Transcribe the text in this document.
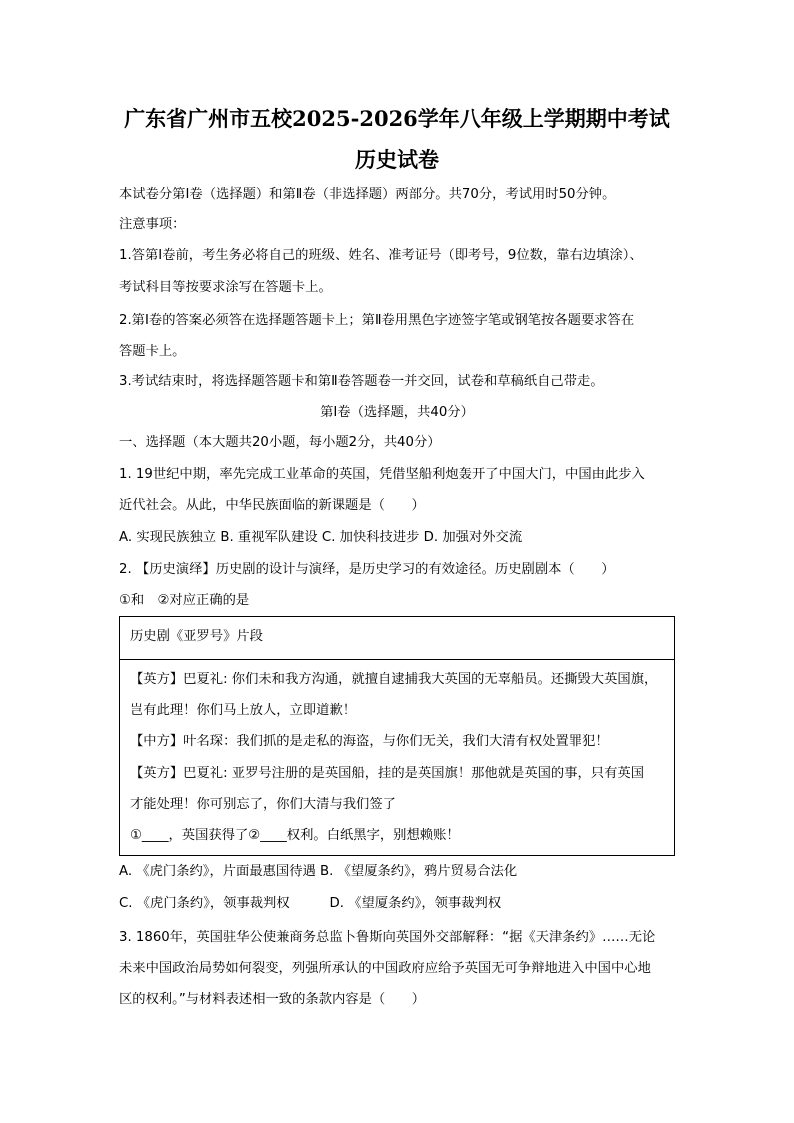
广东省广州市五校2025-2026学年八年级上学期期中考试
历史试卷
本试卷分第Ⅰ卷（选择题）和第Ⅱ卷（非选择题）两部分。共70分，考试用时50分钟。
注意事项：
1.答第Ⅰ卷前，考生务必将自己的班级、姓名、准考证号（即考号，9位数，靠右边填涂）、
考试科目等按要求涂写在答题卡上。
2.第Ⅰ卷的答案必须答在选择题答题卡上；第Ⅱ卷用黑色字迹签字笔或钢笔按各题要求答在
答题卡上。
3.考试结束时，将选择题答题卡和第Ⅱ卷答题卷一并交回，试卷和草稿纸自己带走。
第Ⅰ卷（选择题，共40分）
一、选择题（本大题共20小题，每小题2分，共40分）
1. 19世纪中期，率先完成工业革命的英国，凭借坚船利炮轰开了中国大门，中国由此步入
近代社会。从此，中华民族面临的新课题是（　　）
A. 实现民族独立 B. 重视军队建设 C. 加快科技进步 D. 加强对外交流
2. 【历史演绎】历史剧的设计与演绎，是历史学习的有效途径。历史剧剧本（　　）
①和　②对应正确的是
历史剧《亚罗号》片段
【英方】巴夏礼: 你们未和我方沟通，就擅自逮捕我大英国的无辜船员。还撕毁大英国旗，
岂有此理！你们马上放人，立即道歉！
【中方】叶名琛：我们抓的是走私的海盗，与你们无关，我们大清有权处置罪犯！
【英方】巴夏礼: 亚罗号注册的是英国船，挂的是英国旗！那他就是英国的事，只有英国
才能处理！你可别忘了，你们大清与我们签了
①____，英国获得了②____权利。白纸黑字，别想赖账！
A. 《虎门条约》，片面最惠国待遇 B. 《望厦条约》，鸦片贸易合法化
C. 《虎门条约》，领事裁判权　　　D. 《望厦条约》，领事裁判权
3. 1860年，英国驻华公使兼商务总监卜鲁斯向英国外交部解释：“据《天津条约》……无论
未来中国政治局势如何裂变，列强所承认的中国政府应给予英国无可争辩地进入中国中心地
区的权利。”与材料表述相一致的条款内容是（　　）
